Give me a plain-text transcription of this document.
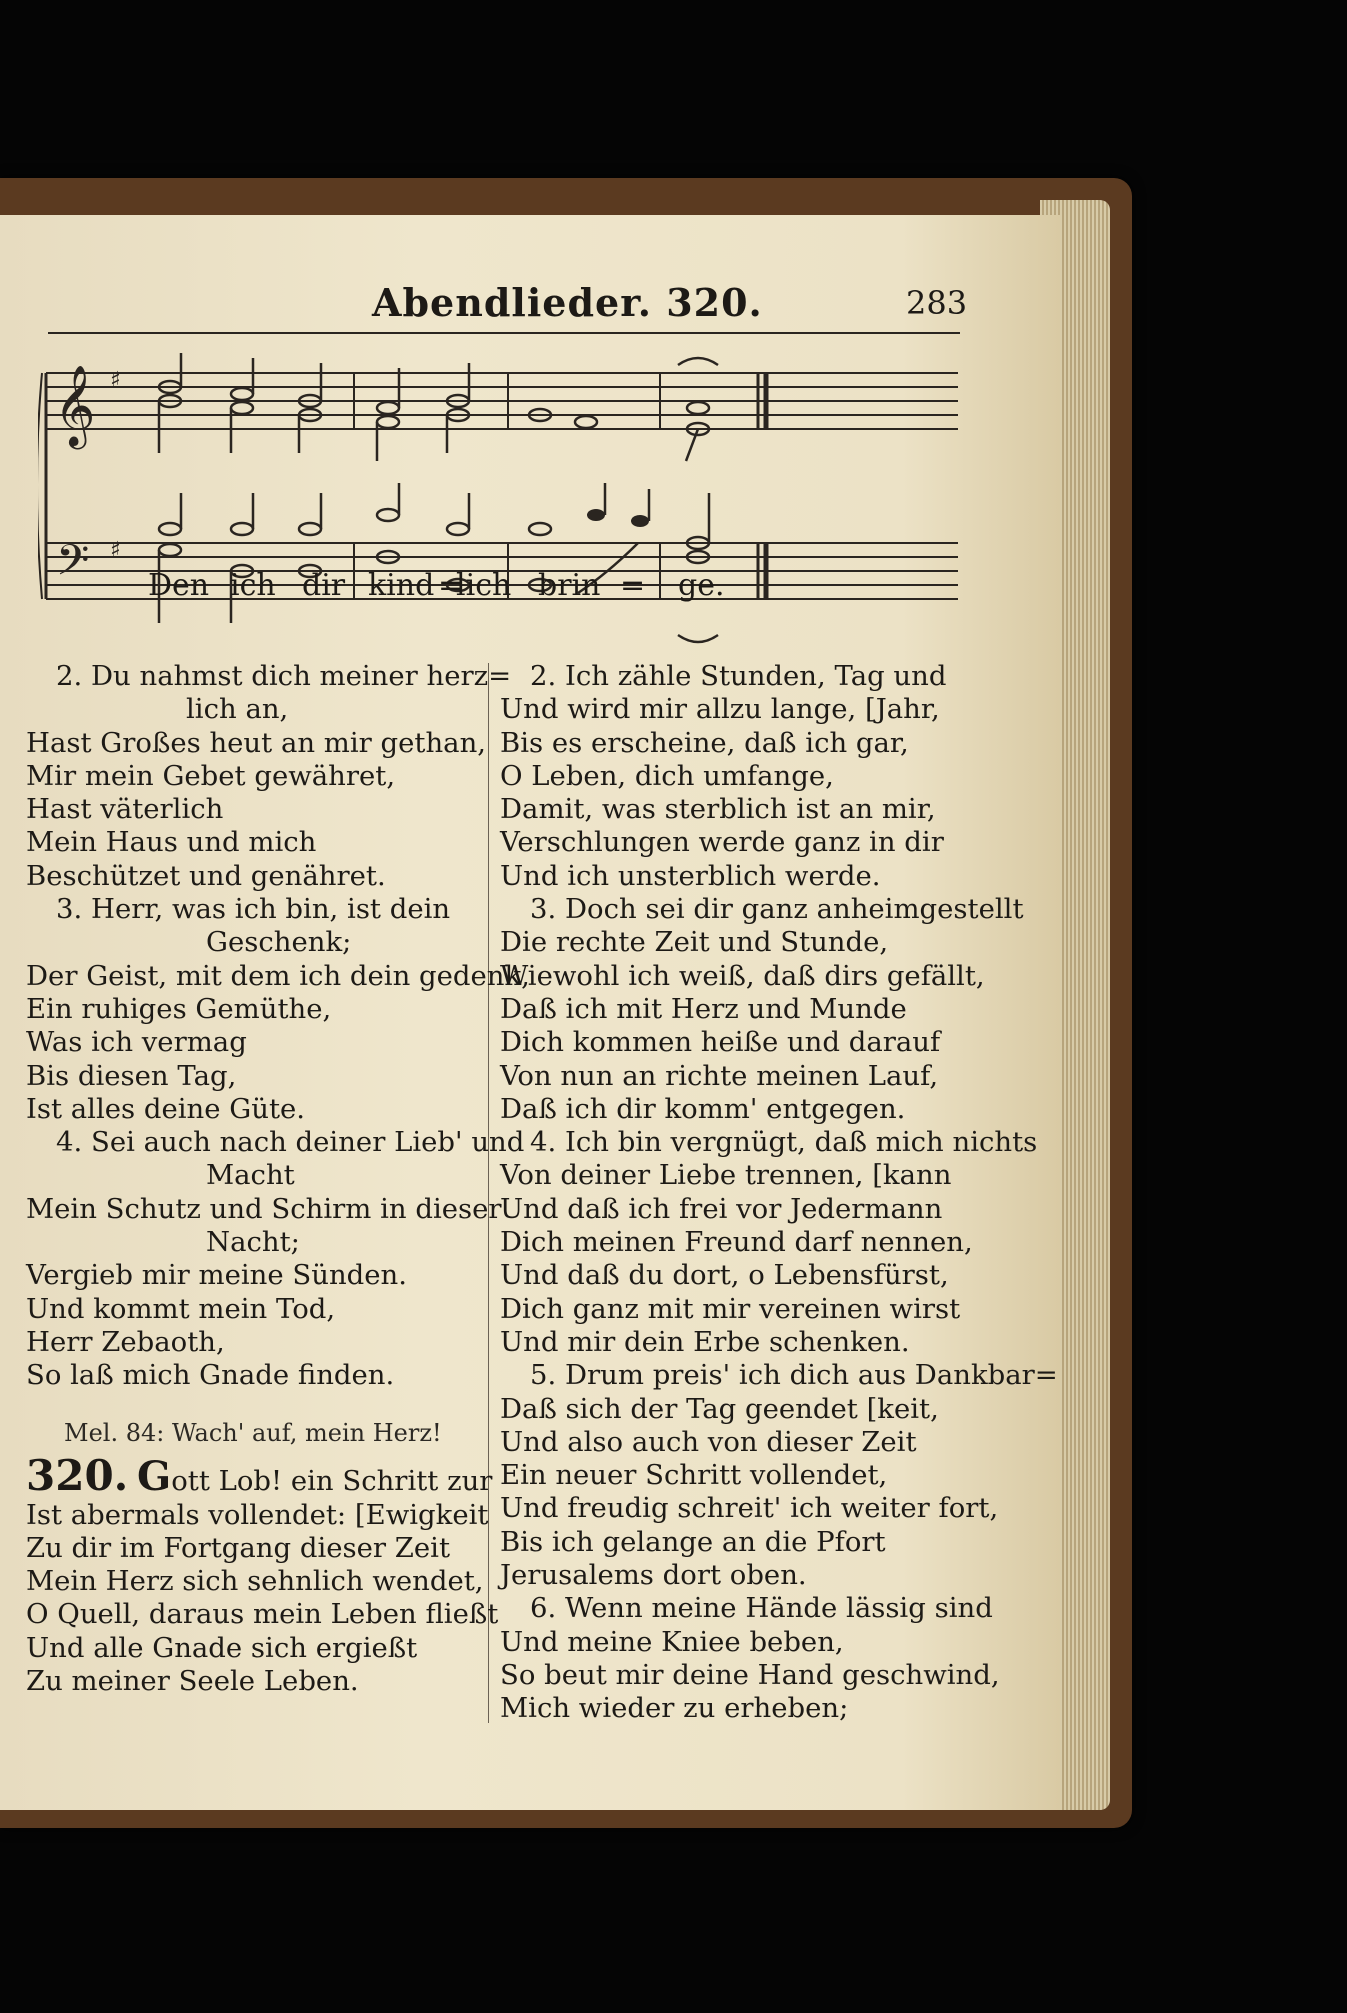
Abendlieder. 320.	283
𝄞
𝄢
♯
♯
Den ich dir kind =
lich brin = ge.
2. Du nahmst dich meiner herz=
lich an,
Hast Großes heut an mir gethan,
Mir mein Gebet gewähret,
Hast väterlich
Mein Haus und mich
Beschützet und genähret.
3. Herr, was ich bin, ist dein
Geschenk;
Der Geist, mit dem ich dein gedenk,
Ein ruhiges Gemüthe,
Was ich vermag
Bis diesen Tag,
Ist alles deine Güte.
4. Sei auch nach deiner Lieb' und
Macht
Mein Schutz und Schirm in dieser
Nacht;
Vergieb mir meine Sünden.
Und kommt mein Tod,
Herr Zebaoth,
So laß mich Gnade finden.
Mel. 84: Wach' auf, mein Herz!
320. Gott Lob! ein Schritt zur
Ist abermals vollendet: [Ewigkeit
Zu dir im Fortgang dieser Zeit
Mein Herz sich sehnlich wendet,
O Quell, daraus mein Leben fließt
Und alle Gnade sich ergießt
Zu meiner Seele Leben.
2. Ich zähle Stunden, Tag und
Und wird mir allzu lange, [Jahr,
Bis es erscheine, daß ich gar,
O Leben, dich umfange,
Damit, was sterblich ist an mir,
Verschlungen werde ganz in dir
Und ich unsterblich werde.
3. Doch sei dir ganz anheimgestellt
Die rechte Zeit und Stunde,
Wiewohl ich weiß, daß dirs gefällt,
Daß ich mit Herz und Munde
Dich kommen heiße und darauf
Von nun an richte meinen Lauf,
Daß ich dir komm' entgegen.
4. Ich bin vergnügt, daß mich nichts
Von deiner Liebe trennen, [kann
Und daß ich frei vor Jedermann
Dich meinen Freund darf nennen,
Und daß du dort, o Lebensfürst,
Dich ganz mit mir vereinen wirst
Und mir dein Erbe schenken.
5. Drum preis' ich dich aus Dankbar=
Daß sich der Tag geendet [keit,
Und also auch von dieser Zeit
Ein neuer Schritt vollendet,
Und freudig schreit' ich weiter fort,
Bis ich gelange an die Pfort
Jerusalems dort oben.
6. Wenn meine Hände lässig sind
Und meine Kniee beben,
So beut mir deine Hand geschwind,
Mich wieder zu erheben;
